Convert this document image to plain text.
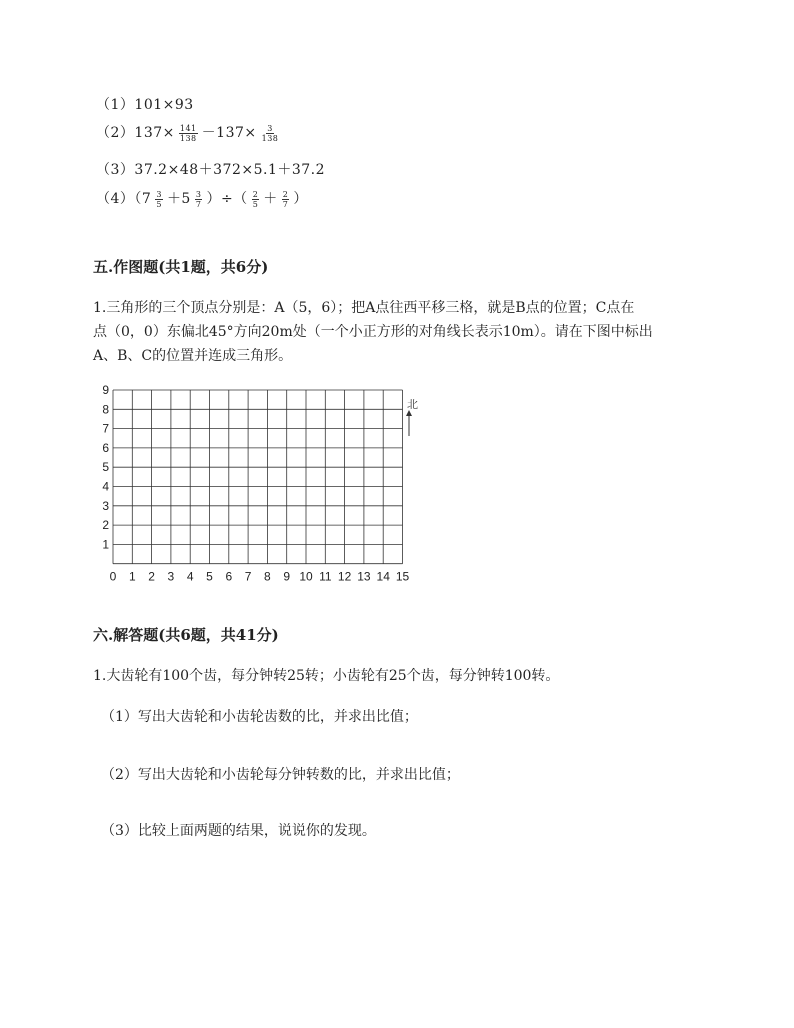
（1）101×93
$(2)137\times \frac{141}{138} -137\times \frac{3}{138}$
（3）37.2×48＋372×5.1＋37.2
$(4)(7 \frac{3}{5} +5 \frac{3}{7}$ ）÷（ $\frac{2}{5} + \frac{2}{7}$ ）
五.作图题(共1题，共6分)
1.三角形的三个顶点分别是：A（5，6）；把A点往西平移三格，就是B点的位置；C点在
点（0，0）东偏北45°方向20m处（一个小正方形的对角线长表示10m）。请在下图中标出
A、B、C的位置并连成三角形。
1
2
3
4
5
6
7
8
9
0 1 2 3 4 5 6 7 8 9 10 11 12 13 14 15
北
六.解答题(共6题，共41分)
1.大齿轮有100个齿，每分钟转25转；小齿轮有25个齿，每分钟转100转。
（1）写出大齿轮和小齿轮齿数的比，并求出比值；
（2）写出大齿轮和小齿轮每分钟转数的比，并求出比值；
（3）比较上面两题的结果，说说你的发现。
